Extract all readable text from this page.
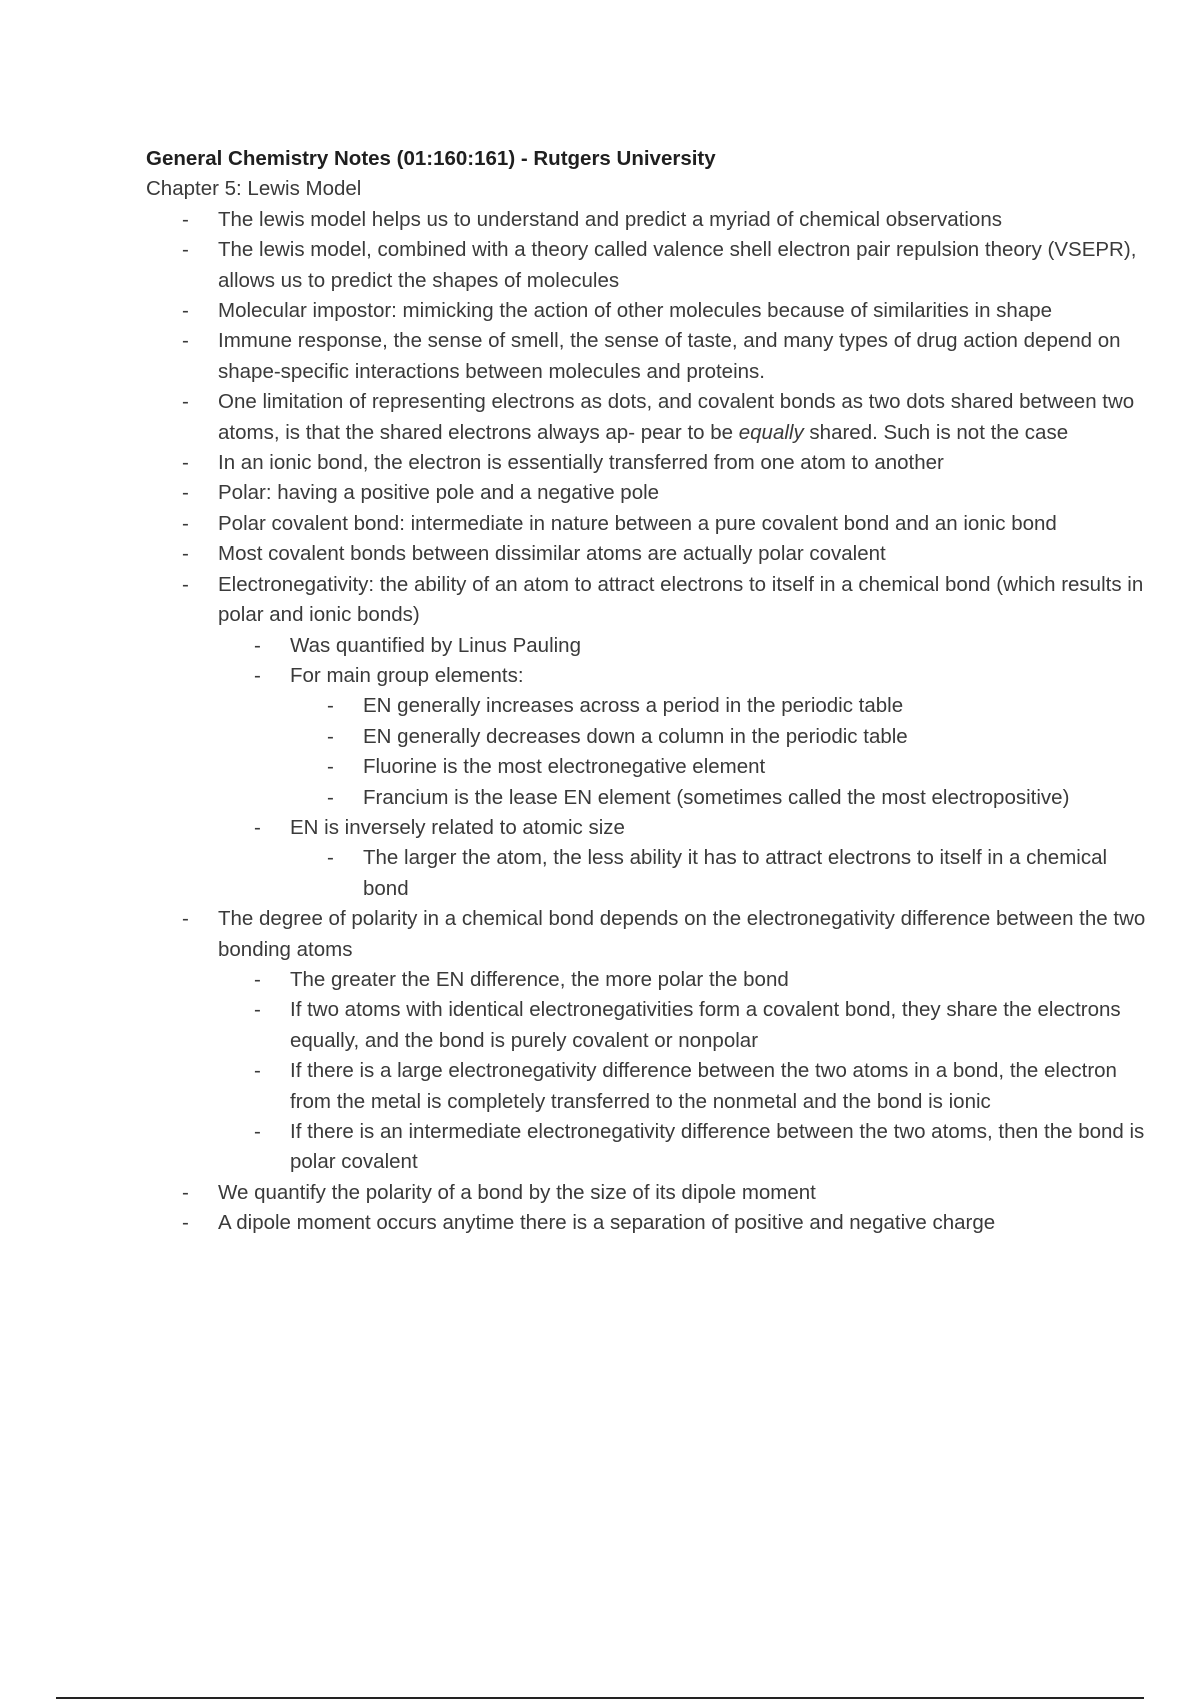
General Chemistry Notes (01:160:161) - Rutgers University
Chapter 5: Lewis Model
- The lewis model helps us to understand and predict a myriad of chemical observations
- The lewis model, combined with a theory called valence shell electron pair repulsion theory (VSEPR), allows us to predict the shapes of molecules
- Molecular impostor: mimicking the action of other molecules because of similarities in shape
- Immune response, the sense of smell, the sense of taste, and many types of drug action depend on shape-specific interactions between molecules and proteins.
- One limitation of representing electrons as dots, and covalent bonds as two dots shared between two atoms, is that the shared electrons always ap- pear to be equally shared. Such is not the case
- In an ionic bond, the electron is essentially transferred from one atom to another
- Polar: having a positive pole and a negative pole
- Polar covalent bond: intermediate in nature between a pure covalent bond and an ionic bond
- Most covalent bonds between dissimilar atoms are actually polar covalent
- Electronegativity: the ability of an atom to attract electrons to itself in a chemical bond (which results in polar and ionic bonds)
- Was quantified by Linus Pauling
- For main group elements:
- EN generally increases across a period in the periodic table
- EN generally decreases down a column in the periodic table
- Fluorine is the most electronegative element
- Francium is the lease EN element (sometimes called the most electropositive)
- EN is inversely related to atomic size
- The larger the atom, the less ability it has to attract electrons to itself in a chemical bond
- The degree of polarity in a chemical bond depends on the electronegativity difference between the two bonding atoms
- The greater the EN difference, the more polar the bond
- If two atoms with identical electronegativities form a covalent bond, they share the electrons equally, and the bond is purely covalent or nonpolar
- If there is a large electronegativity difference between the two atoms in a bond, the electron from the metal is completely transferred to the nonmetal and the bond is ionic
- If there is an intermediate electronegativity difference between the two atoms, then the bond is polar covalent
- We quantify the polarity of a bond by the size of its dipole moment
- A dipole moment occurs anytime there is a separation of positive and negative charge
